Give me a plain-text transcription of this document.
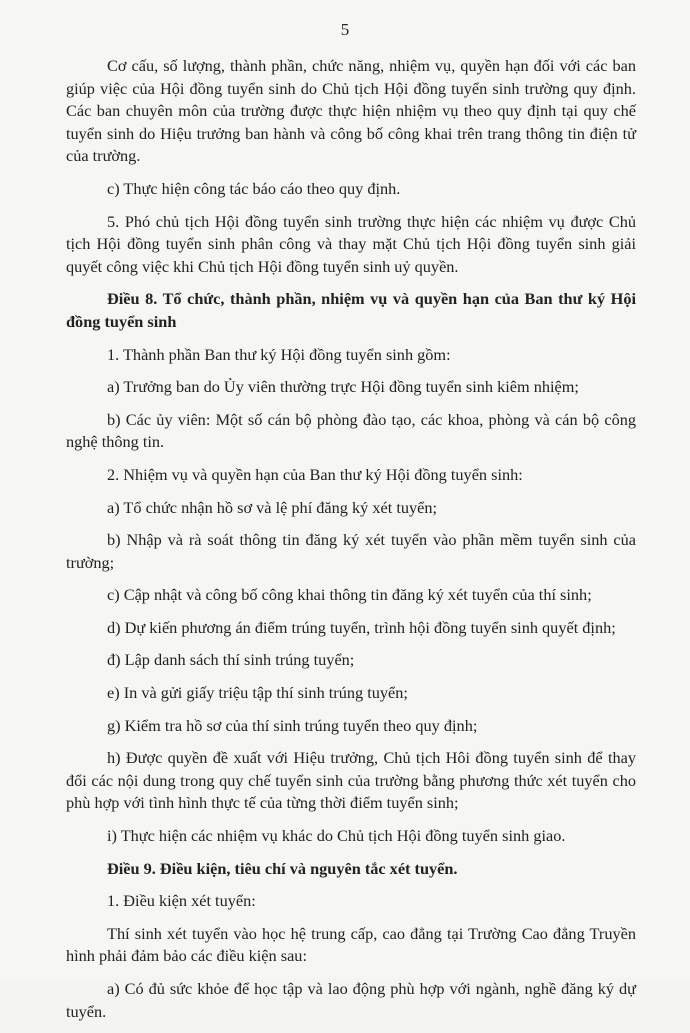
5

Cơ cấu, số lượng, thành phần, chức năng, nhiệm vụ, quyền hạn đối với các ban giúp việc của Hội đồng tuyển sinh do Chủ tịch Hội đồng tuyển sinh trường quy định. Các ban chuyên môn của trường được thực hiện nhiệm vụ theo quy định tại quy chế tuyển sinh do Hiệu trưởng ban hành và công bố công khai trên trang thông tin điện tử của trường.

c) Thực hiện công tác báo cáo theo quy định.

5. Phó chủ tịch Hội đồng tuyển sinh trường thực hiện các nhiệm vụ được Chủ tịch Hội đồng tuyển sinh phân công và thay mặt Chủ tịch Hội đồng tuyển sinh giải quyết công việc khi Chủ tịch Hội đồng tuyển sinh uỷ quyền.

Điều 8. Tổ chức, thành phần, nhiệm vụ và quyền hạn của Ban thư ký Hội đồng tuyển sinh

1. Thành phần Ban thư ký Hội đồng tuyển sinh gồm:

a) Trưởng ban do Ủy viên thường trực Hội đồng tuyển sinh kiêm nhiệm;

b) Các ủy viên: Một số cán bộ phòng đào tạo, các khoa, phòng và cán bộ công nghệ thông tin.

2. Nhiệm vụ và quyền hạn của Ban thư ký Hội đồng tuyển sinh:

a) Tổ chức nhận hồ sơ và lệ phí đăng ký xét tuyển;

b) Nhập và rà soát thông tin đăng ký xét tuyển vào phần mềm tuyển sinh của trường;

c) Cập nhật và công bố công khai thông tin đăng ký xét tuyển của thí sinh;

d) Dự kiến phương án điểm trúng tuyển, trình hội đồng tuyển sinh quyết định;

đ) Lập danh sách thí sinh trúng tuyển;

e) In và gửi giấy triệu tập thí sinh trúng tuyển;

g) Kiểm tra hồ sơ của thí sinh trúng tuyển theo quy định;

h) Được quyền đề xuất với Hiệu trưởng, Chủ tịch Hôi đồng tuyển sinh để thay đổi các nội dung trong quy chế tuyển sinh của trường bằng phương thức xét tuyển cho phù hợp với tình hình thực tế của từng thời điểm tuyển sinh;

i) Thực hiện các nhiệm vụ khác do Chủ tịch Hội đồng tuyển sinh giao.

Điều 9. Điều kiện, tiêu chí và nguyên tắc xét tuyển.

1. Điều kiện xét tuyển:

Thí sinh xét tuyển vào học hệ trung cấp, cao đẳng tại Trường Cao đẳng Truyền hình phải đảm bảo các điều kiện sau:

a) Có đủ sức khỏe để học tập và lao động phù hợp với ngành, nghề đăng ký dự tuyển.
